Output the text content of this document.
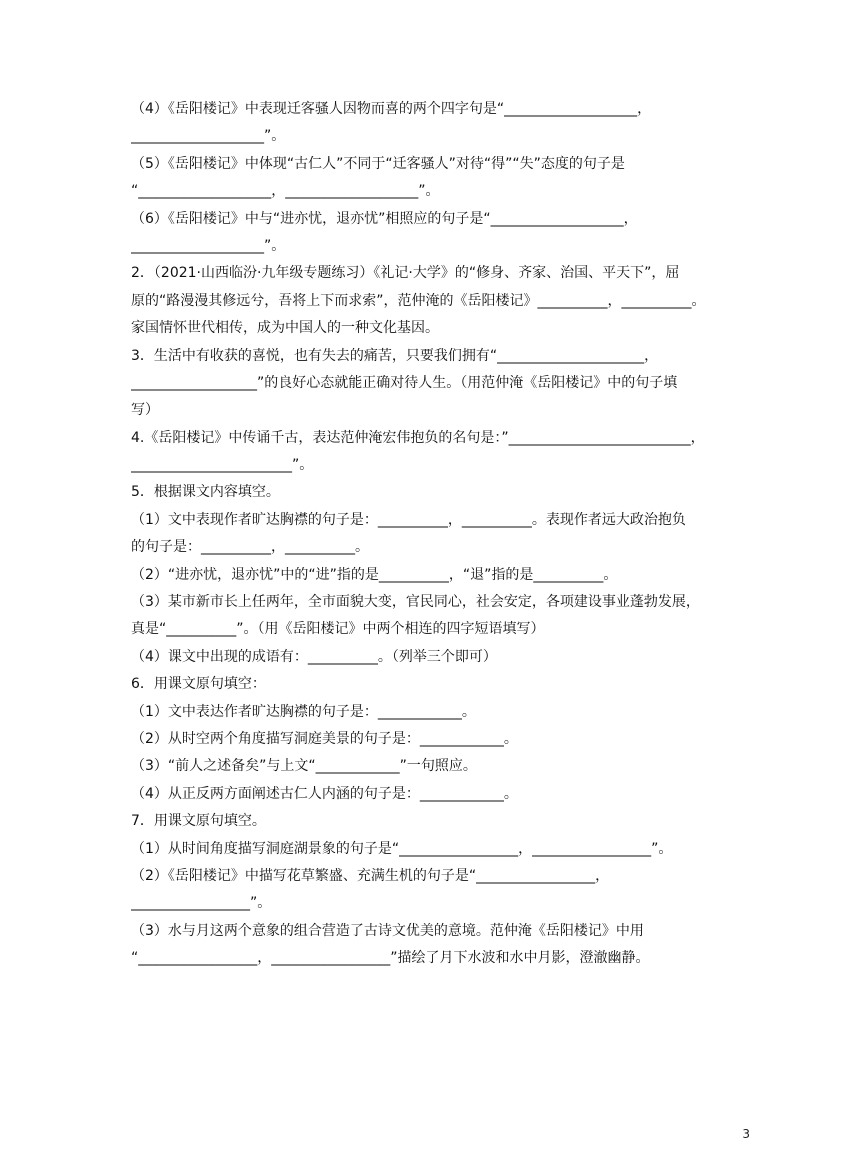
（4）《岳阳楼记》中表现迁客骚人因物而喜的两个四字句是“___________________，
___________________”。
（5）《岳阳楼记》中体现“古仁人”不同于“迁客骚人”对待“得”“失”态度的句子是
“___________________，___________________”。
（6）《岳阳楼记》中与“进亦忧，退亦忧”相照应的句子是“___________________，
___________________”。
2．（2021·山西临汾·九年级专题练习）《礼记·大学》的“修身、齐家、治国、平天下”，屈
原的“路漫漫其修远兮，吾将上下而求索”，范仲淹的《岳阳楼记》__________，__________。
家国情怀世代相传，成为中国人的一种文化基因。
3．生活中有收获的喜悦，也有失去的痛苦，只要我们拥有“_____________________，
__________________”的良好心态就能正确对待人生。（用范仲淹《岳阳楼记》中的句子填
写）
4.《岳阳楼记》中传诵千古，表达范仲淹宏伟抱负的名句是：”__________________________，
_______________________”。
5．根据课文内容填空。
（1）文中表现作者旷达胸襟的句子是：__________，__________。表现作者远大政治抱负
的句子是：__________，__________。
（2）“进亦忧，退亦忧”中的“进”指的是__________，“退”指的是__________。
（3）某市新市长上任两年，全市面貌大变，官民同心，社会安定，各项建设事业蓬勃发展，
真是“__________”。（用《岳阳楼记》中两个相连的四字短语填写）
（4）课文中出现的成语有：__________。（列举三个即可）
6．用课文原句填空：
（1）文中表达作者旷达胸襟的句子是：____________。
（2）从时空两个角度描写洞庭美景的句子是：____________。
（3）“前人之述备矣”与上文“____________”一句照应。
（4）从正反两方面阐述古仁人内涵的句子是：____________。
7．用课文原句填空。
（1）从时间角度描写洞庭湖景象的句子是“_________________，_________________”。
（2）《岳阳楼记》中描写花草繁盛、充满生机的句子是“_________________，
_________________”。
（3）水与月这两个意象的组合营造了古诗文优美的意境。范仲淹《岳阳楼记》中用
“_________________，_________________”描绘了月下水波和水中月影，澄澈幽静。
3
